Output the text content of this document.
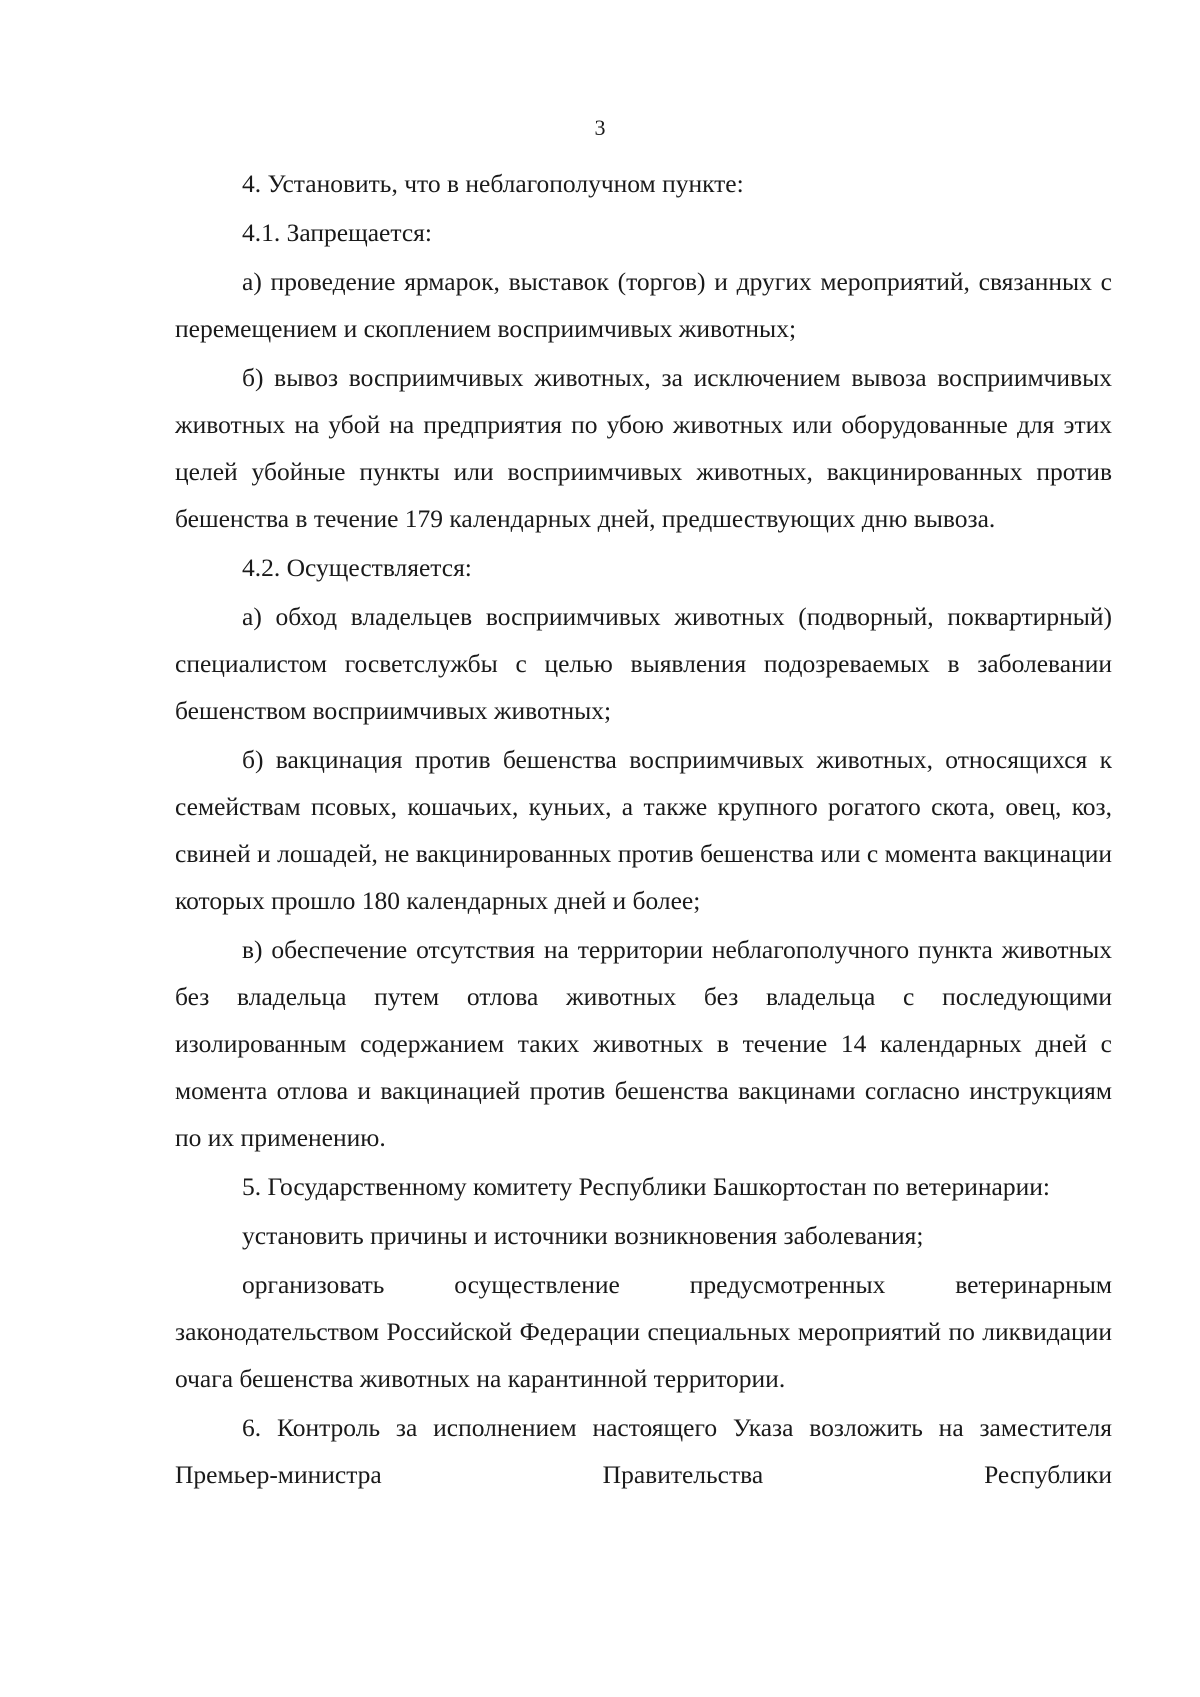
3

4. Установить, что в неблагополучном пункте:

4.1. Запрещается:

а) проведение ярмарок, выставок (торгов) и других мероприятий, связанных с перемещением и скоплением восприимчивых животных;

б) вывоз восприимчивых животных, за исключением вывоза восприимчивых животных на убой на предприятия по убою животных или оборудованные для этих целей убойные пункты или восприимчивых животных, вакцинированных против бешенства в течение 179 календарных дней, предшествующих дню вывоза.

4.2. Осуществляется:

а) обход владельцев восприимчивых животных (подворный, поквартирный) специалистом госветслужбы с целью выявления подозреваемых в заболевании бешенством восприимчивых животных;

б) вакцинация против бешенства восприимчивых животных, относящихся к семействам псовых, кошачьих, куньих, а также крупного рогатого скота, овец, коз, свиней и лошадей, не вакцинированных против бешенства или с момента вакцинации которых прошло 180 календарных дней и более;

в) обеспечение отсутствия на территории неблагополучного пункта животных без владельца путем отлова животных без владельца с последующими изолированным содержанием таких животных в течение 14 календарных дней с момента отлова и вакцинацией против бешенства вакцинами согласно инструкциям по их применению.

5. Государственному комитету Республики Башкортостан по ветеринарии:

установить причины и источники возникновения заболевания;

организовать осуществление предусмотренных ветеринарным законодательством Российской Федерации специальных мероприятий по ликвидации очага бешенства животных на карантинной территории.

6. Контроль за исполнением настоящего Указа возложить на заместителя Премьер-министра Правительства Республики
